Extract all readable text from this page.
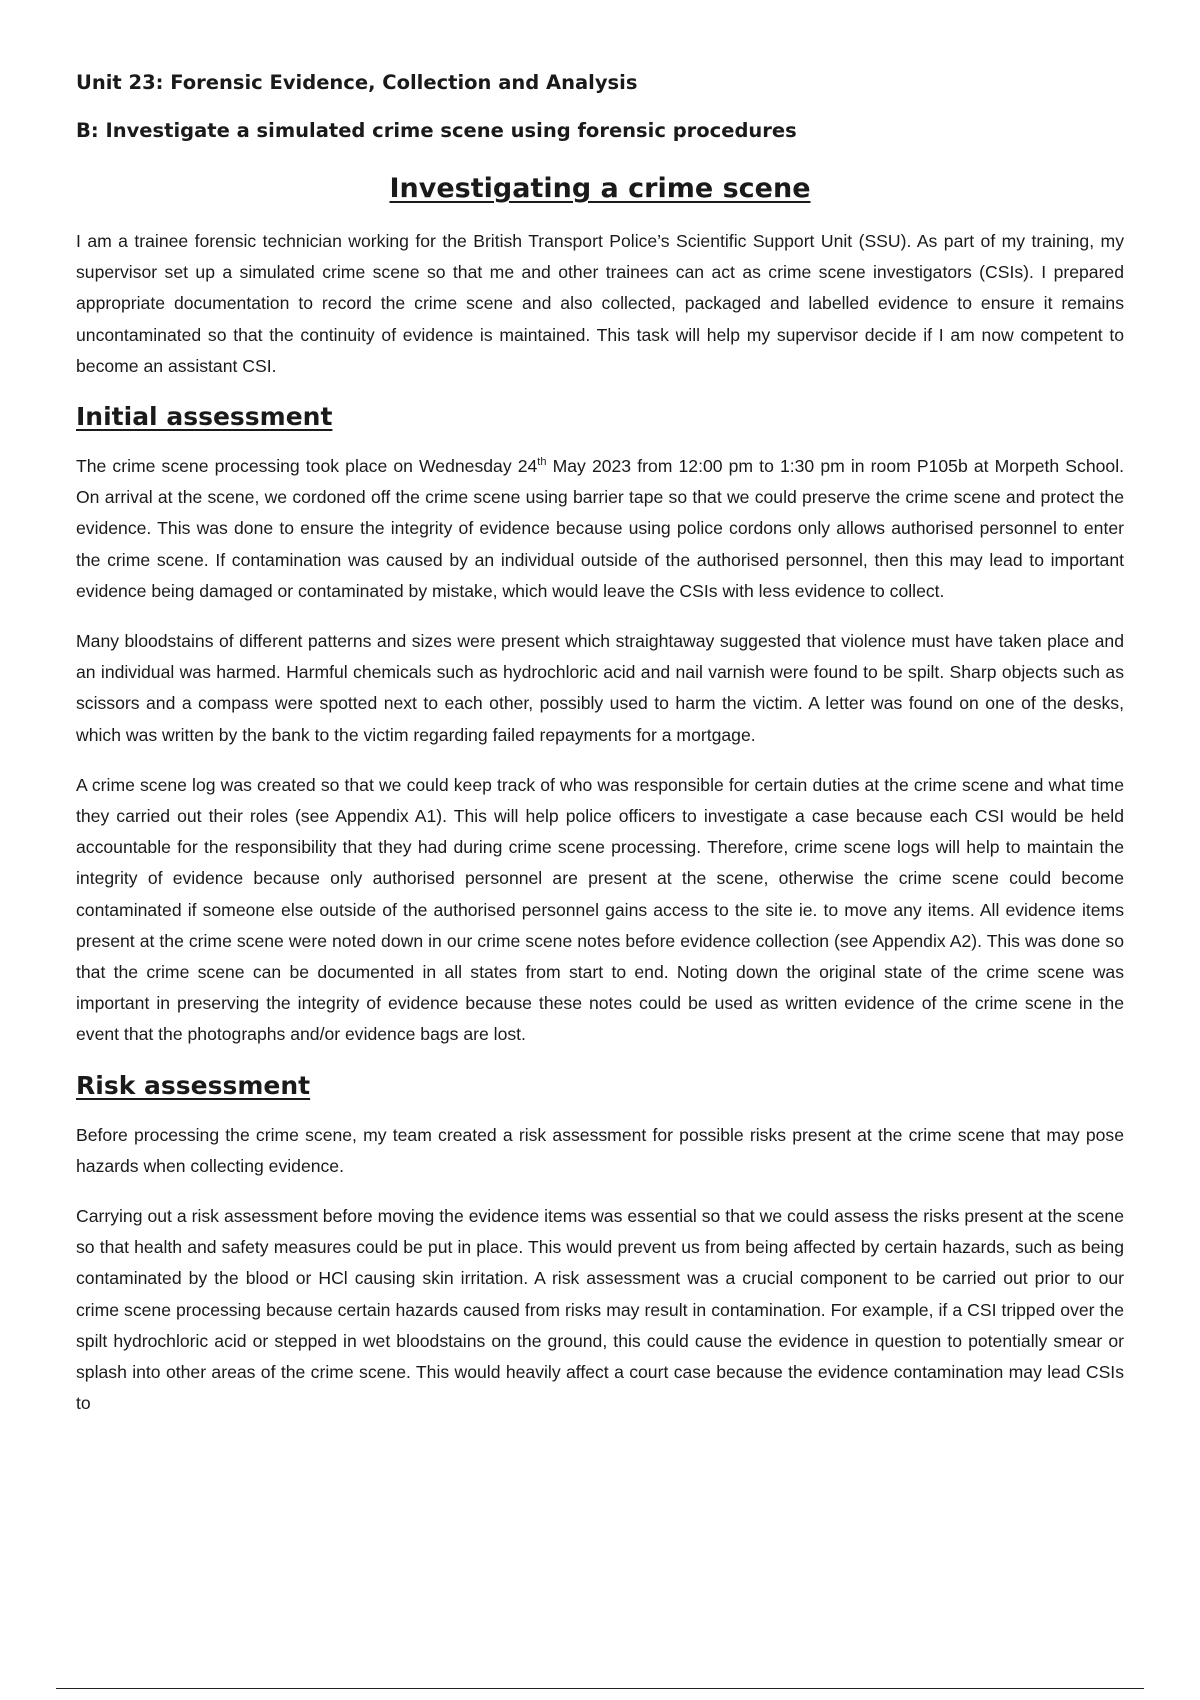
Unit 23: Forensic Evidence, Collection and Analysis

B: Investigate a simulated crime scene using forensic procedures

Investigating a crime scene

I am a trainee forensic technician working for the British Transport Police’s Scientific Support Unit (SSU). As part of my training, my supervisor set up a simulated crime scene so that me and other trainees can act as crime scene investigators (CSIs). I prepared appropriate documentation to record the crime scene and also collected, packaged and labelled evidence to ensure it remains uncontaminated so that the continuity of evidence is maintained. This task will help my supervisor decide if I am now competent to become an assistant CSI.

Initial assessment

The crime scene processing took place on Wednesday 24th May 2023 from 12:00 pm to 1:30 pm in room P105b at Morpeth School. On arrival at the scene, we cordoned off the crime scene using barrier tape so that we could preserve the crime scene and protect the evidence. This was done to ensure the integrity of evidence because using police cordons only allows authorised personnel to enter the crime scene. If contamination was caused by an individual outside of the authorised personnel, then this may lead to important evidence being damaged or contaminated by mistake, which would leave the CSIs with less evidence to collect.

Many bloodstains of different patterns and sizes were present which straightaway suggested that violence must have taken place and an individual was harmed. Harmful chemicals such as hydrochloric acid and nail varnish were found to be spilt. Sharp objects such as scissors and a compass were spotted next to each other, possibly used to harm the victim. A letter was found on one of the desks, which was written by the bank to the victim regarding failed repayments for a mortgage.

A crime scene log was created so that we could keep track of who was responsible for certain duties at the crime scene and what time they carried out their roles (see Appendix A1). This will help police officers to investigate a case because each CSI would be held accountable for the responsibility that they had during crime scene processing. Therefore, crime scene logs will help to maintain the integrity of evidence because only authorised personnel are present at the scene, otherwise the crime scene could become contaminated if someone else outside of the authorised personnel gains access to the site ie. to move any items. All evidence items present at the crime scene were noted down in our crime scene notes before evidence collection (see Appendix A2). This was done so that the crime scene can be documented in all states from start to end. Noting down the original state of the crime scene was important in preserving the integrity of evidence because these notes could be used as written evidence of the crime scene in the event that the photographs and/or evidence bags are lost.

Risk assessment

Before processing the crime scene, my team created a risk assessment for possible risks present at the crime scene that may pose hazards when collecting evidence.

Carrying out a risk assessment before moving the evidence items was essential so that we could assess the risks present at the scene so that health and safety measures could be put in place. This would prevent us from being affected by certain hazards, such as being contaminated by the blood or HCl causing skin irritation. A risk assessment was a crucial component to be carried out prior to our crime scene processing because certain hazards caused from risks may result in contamination. For example, if a CSI tripped over the spilt hydrochloric acid or stepped in wet bloodstains on the ground, this could cause the evidence in question to potentially smear or splash into other areas of the crime scene. This would heavily affect a court case because the evidence contamination may lead CSIs to
